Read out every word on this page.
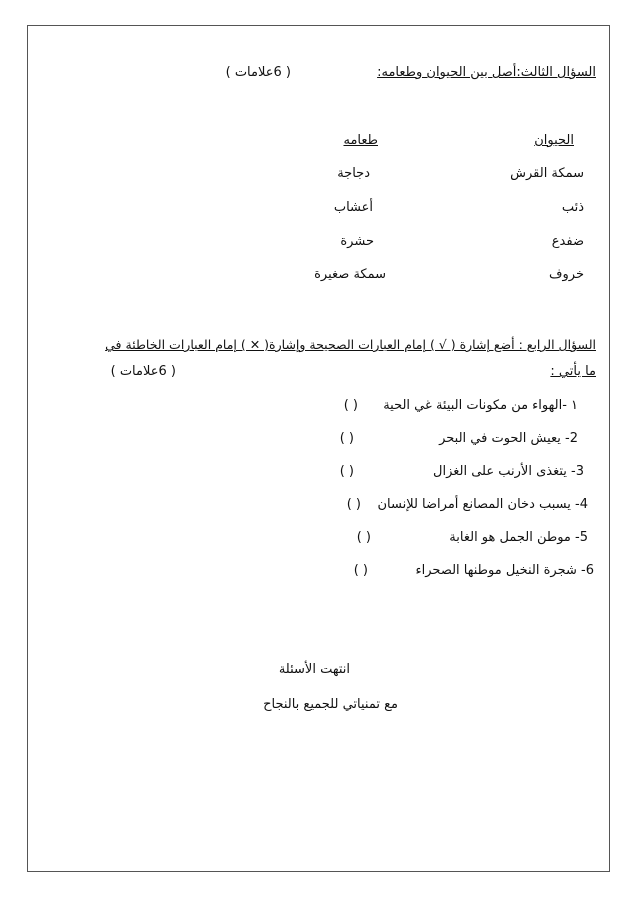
السؤال الثالث:أصل بين الحيوان وطعامه:
( 6علامات )
الحيوان
طعامه
سمكة القرش
ذئب
ضفدع
خروف
دجاجة
أعشاب
حشرة
سمكة صغيرة
السؤال الرابع : أضع إشارة ( √ ) إمام العبارات الصحيحة وإشارة( ✕ ) إمام العبارات الخاطئة في
ما يأتي :
( 6علامات )
١ -الهواء من مكونات البيئة غي الحية
( )
2- يعيش الحوت في البحر
( )
3- يتغذى الأرنب على الغزال
( )
4- يسبب دخان المصانع أمراضا للإنسان
( )
5- موطن الجمل هو الغابة
( )
6- شجرة النخيل موطنها الصحراء
( )
انتهت الأسئلة
مع تمنياتي للجميع بالنجاح
